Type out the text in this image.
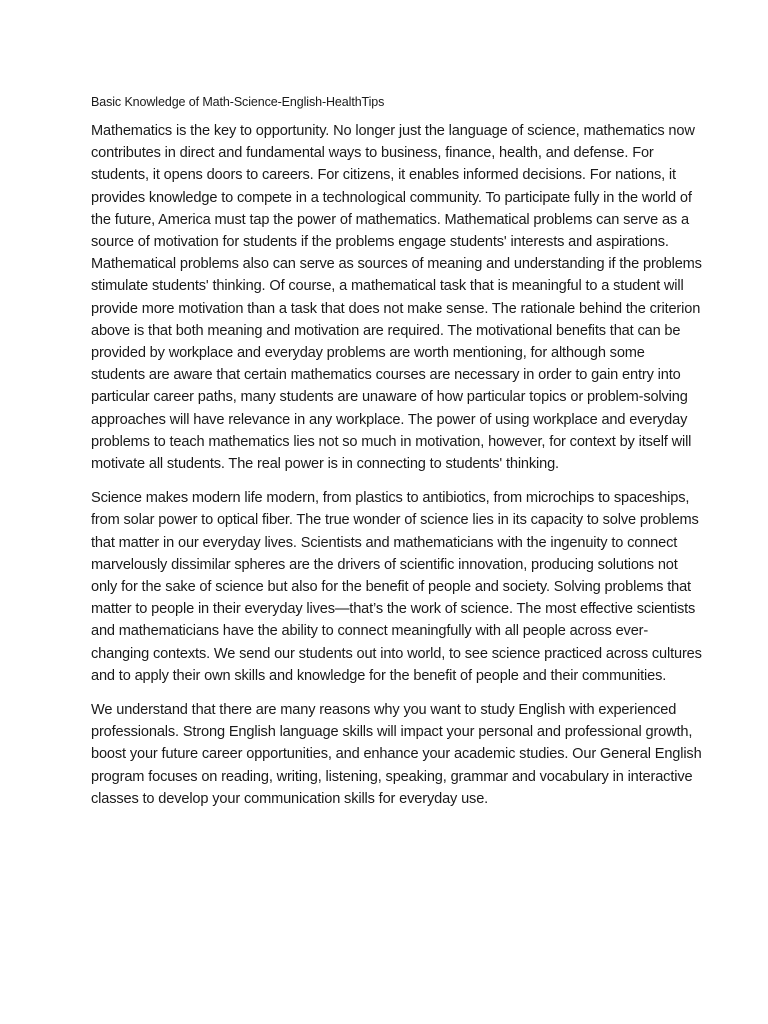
Basic Knowledge of Math-Science-English-HealthTips

Mathematics is the key to opportunity. No longer just the language of science, mathematics now contributes in direct and fundamental ways to business, finance, health, and defense. For students, it opens doors to careers. For citizens, it enables informed decisions. For nations, it provides knowledge to compete in a technological community. To participate fully in the world of the future, America must tap the power of mathematics. Mathematical problems can serve as a source of motivation for students if the problems engage students' interests and aspirations. Mathematical problems also can serve as sources of meaning and understanding if the problems stimulate students' thinking. Of course, a mathematical task that is meaningful to a student will provide more motivation than a task that does not make sense. The rationale behind the criterion above is that both meaning and motivation are required. The motivational benefits that can be provided by workplace and everyday problems are worth mentioning, for although some students are aware that certain mathematics courses are necessary in order to gain entry into particular career paths, many students are unaware of how particular topics or problem-solving approaches will have relevance in any workplace. The power of using workplace and everyday problems to teach mathematics lies not so much in motivation, however, for context by itself will motivate all students. The real power is in connecting to students' thinking.

Science makes modern life modern, from plastics to antibiotics, from microchips to spaceships, from solar power to optical fiber. The true wonder of science lies in its capacity to solve problems that matter in our everyday lives. Scientists and mathematicians with the ingenuity to connect marvelously dissimilar spheres are the drivers of scientific innovation, producing solutions not only for the sake of science but also for the benefit of people and society. Solving problems that matter to people in their everyday lives—that’s the work of science. The most effective scientists and mathematicians have the ability to connect meaningfully with all people across ever-changing contexts. We send our students out into world, to see science practiced across cultures and to apply their own skills and knowledge for the benefit of people and their communities.

We understand that there are many reasons why you want to study English with experienced professionals. Strong English language skills will impact your personal and professional growth, boost your future career opportunities, and enhance your academic studies. Our General English program focuses on reading, writing, listening, speaking, grammar and vocabulary in interactive classes to develop your communication skills for everyday use.
